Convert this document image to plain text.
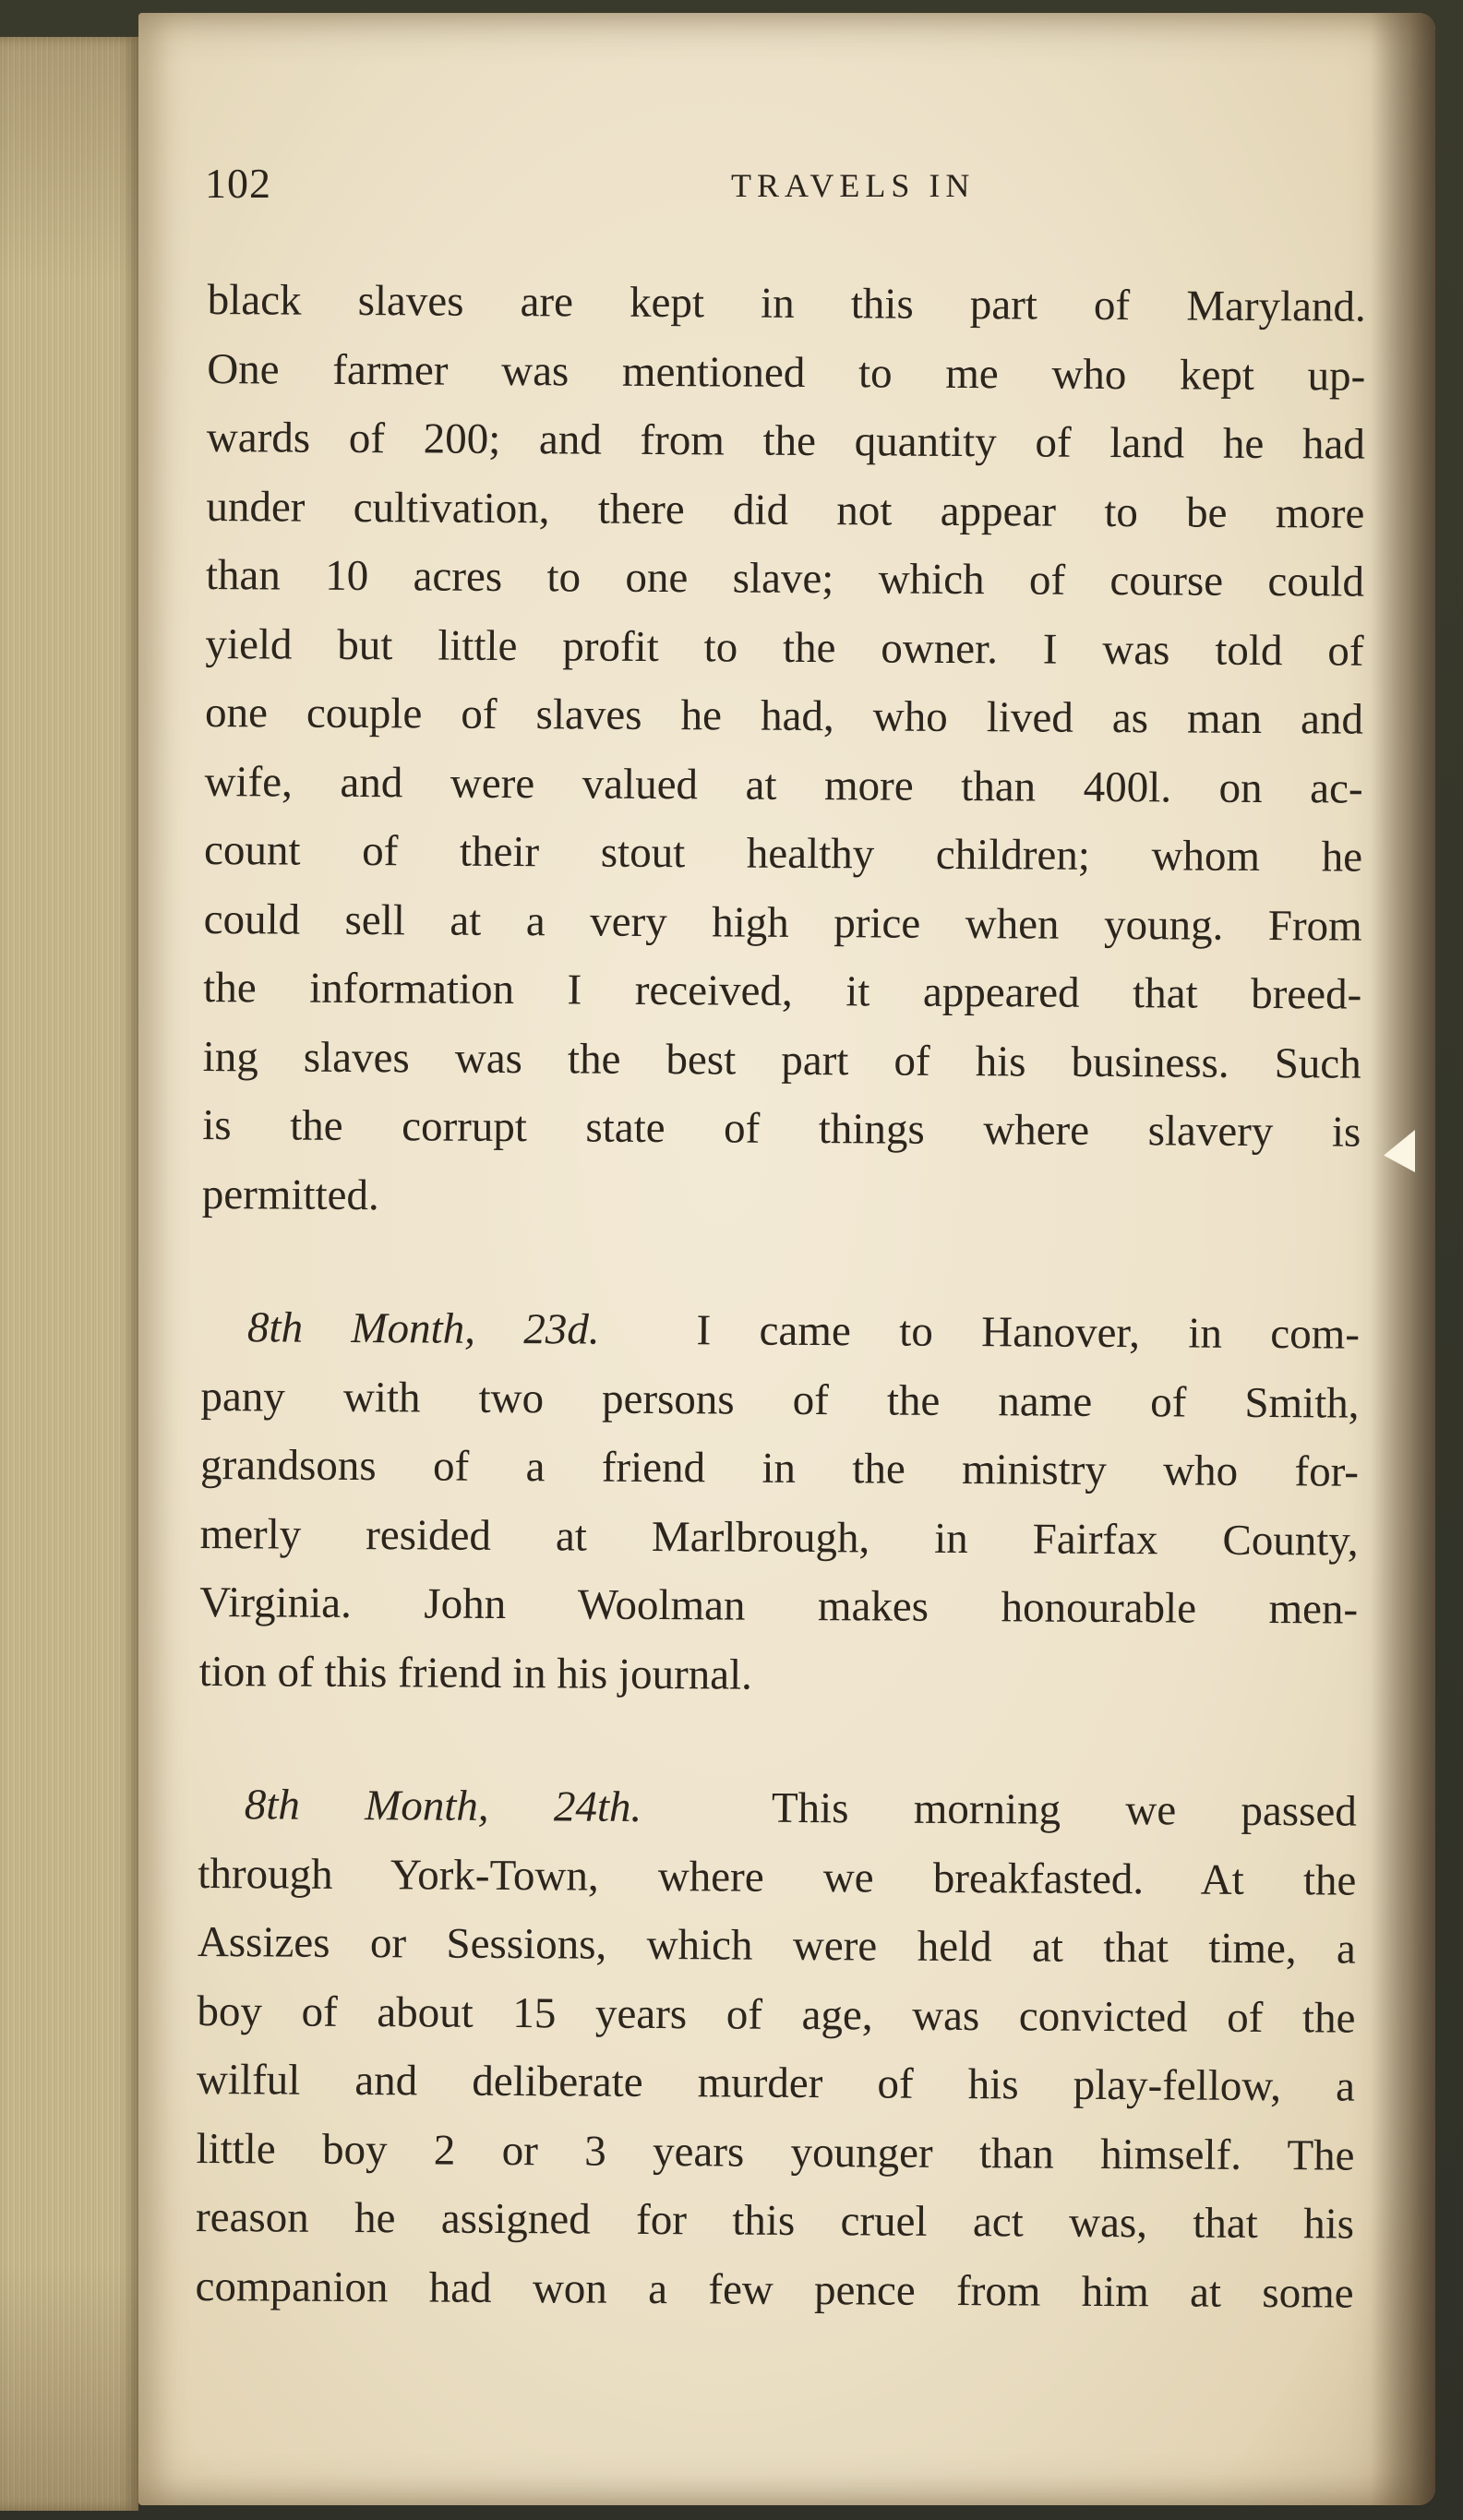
102	TRAVELS IN
black slaves are kept in this part of Maryland.
One farmer was mentioned to me who kept up-
wards of 200; and from the quantity of land he had
under cultivation, there did not appear to be more
than 10 acres to one slave; which of course could
yield but little profit to the owner. I was told of
one couple of slaves he had, who lived as man and
wife, and were valued at more than 400l. on ac-
count of their stout healthy children; whom he
could sell at a very high price when young. From
the information I received, it appeared that breed-
ing slaves was the best part of his business. Such
is the corrupt state of things where slavery is
permitted.
8th Month, 23d. I came to Hanover, in com-
pany with two persons of the name of Smith,
grandsons of a friend in the ministry who for-
merly resided at Marlbrough, in Fairfax County,
Virginia. John Woolman makes honourable men-
tion of this friend in his journal.
8th Month, 24th.	This morning we passed
through York-Town, where we breakfasted. At the
Assizes or Sessions, which were held at that time, a
boy of about 15 years of age, was convicted of the
wilful and deliberate murder of his play-fellow, a
little boy 2 or 3 years younger than himself. The
reason he assigned for this cruel act was, that his
companion had won a few pence from him at some
